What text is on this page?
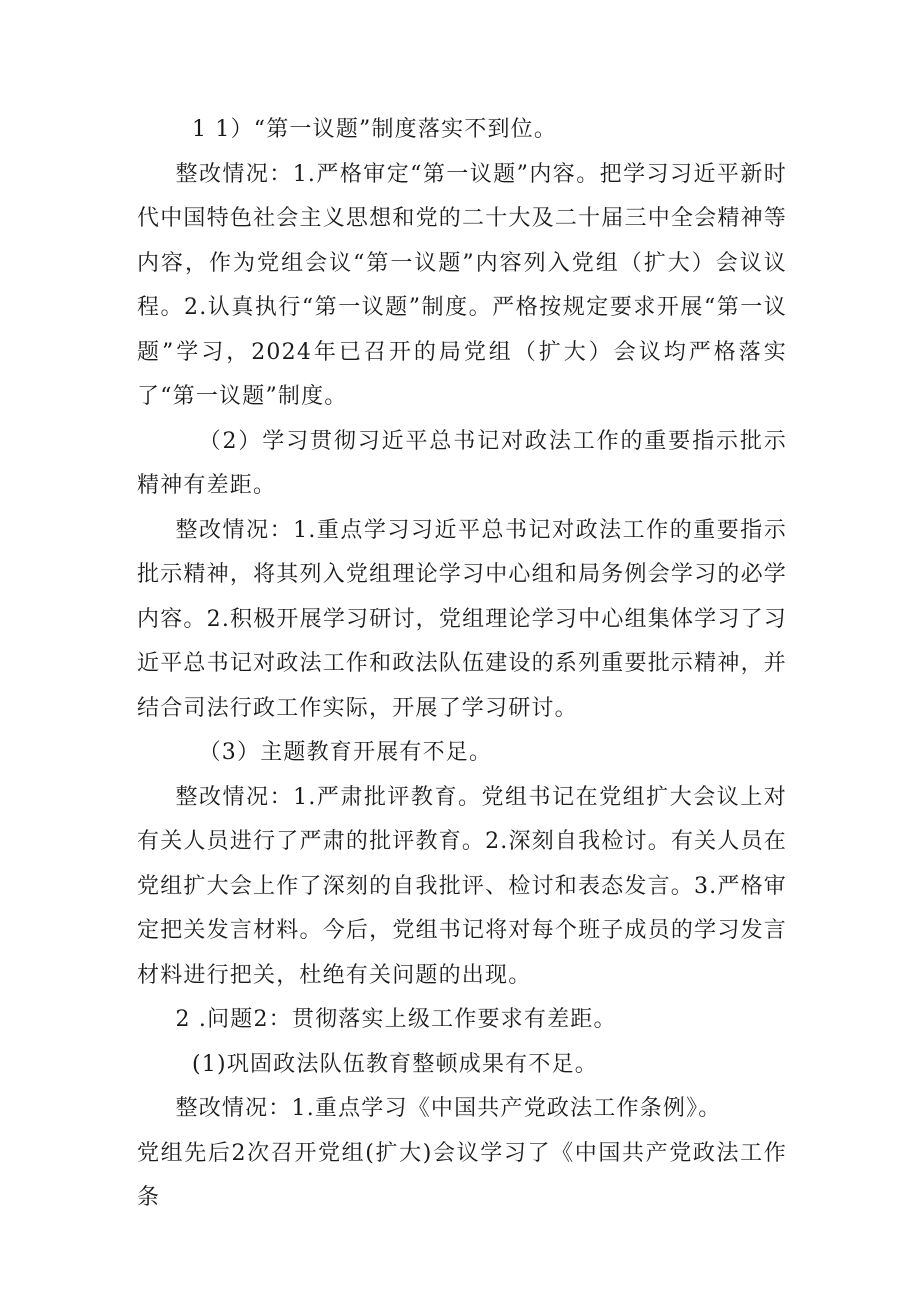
1 1）“第一议题”制度落实不到位。

整改情况：1.严格审定“第一议题”内容。把学习习近平新时代中国特色社会主义思想和党的二十大及二十届三中全会精神等内容，作为党组会议“第一议题”内容列入党组（扩大）会议议程。2.认真执行“第一议题”制度。严格按规定要求开展“第一议题”学习，2024年已召开的局党组（扩大）会议均严格落实了“第一议题”制度。

（2）学习贯彻习近平总书记对政法工作的重要指示批示精神有差距。

整改情况：1.重点学习习近平总书记对政法工作的重要指示批示精神，将其列入党组理论学习中心组和局务例会学习的必学内容。2.积极开展学习研讨，党组理论学习中心组集体学习了习近平总书记对政法工作和政法队伍建设的系列重要批示精神，并结合司法行政工作实际，开展了学习研讨。

（3）主题教育开展有不足。

整改情况：1.严肃批评教育。党组书记在党组扩大会议上对有关人员进行了严肃的批评教育。2.深刻自我检讨。有关人员在党组扩大会上作了深刻的自我批评、检讨和表态发言。3.严格审定把关发言材料。今后，党组书记将对每个班子成员的学习发言材料进行把关，杜绝有关问题的出现。

2 .问题2：贯彻落实上级工作要求有差距。

(1)巩固政法队伍教育整顿成果有不足。

整改情况：1.重点学习《中国共产党政法工作条例》。

党组先后2次召开党组(扩大)会议学习了《中国共产党政法工作条
